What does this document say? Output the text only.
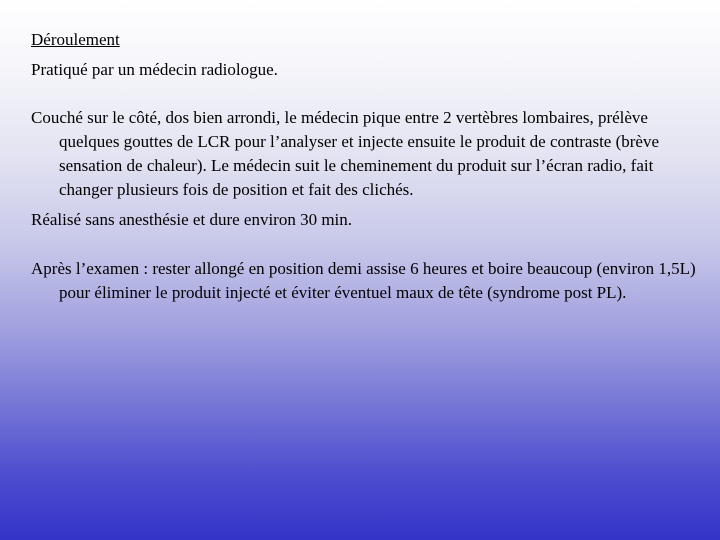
Déroulement

Pratiqué par un médecin radiologue.

Couché sur le côté, dos bien arrondi, le médecin pique entre 2 vertèbres lombaires, prélève quelques gouttes de LCR pour l’analyser et injecte ensuite le produit de contraste (brève sensation de chaleur). Le médecin suit le cheminement du produit sur l’écran radio, fait changer plusieurs fois de position et fait des clichés.

Réalisé sans anesthésie et dure environ 30 min.

Après l’examen : rester allongé en position demi assise 6 heures et boire beaucoup (environ 1,5L) pour éliminer le produit injecté et éviter éventuel maux de tête (syndrome post PL).
